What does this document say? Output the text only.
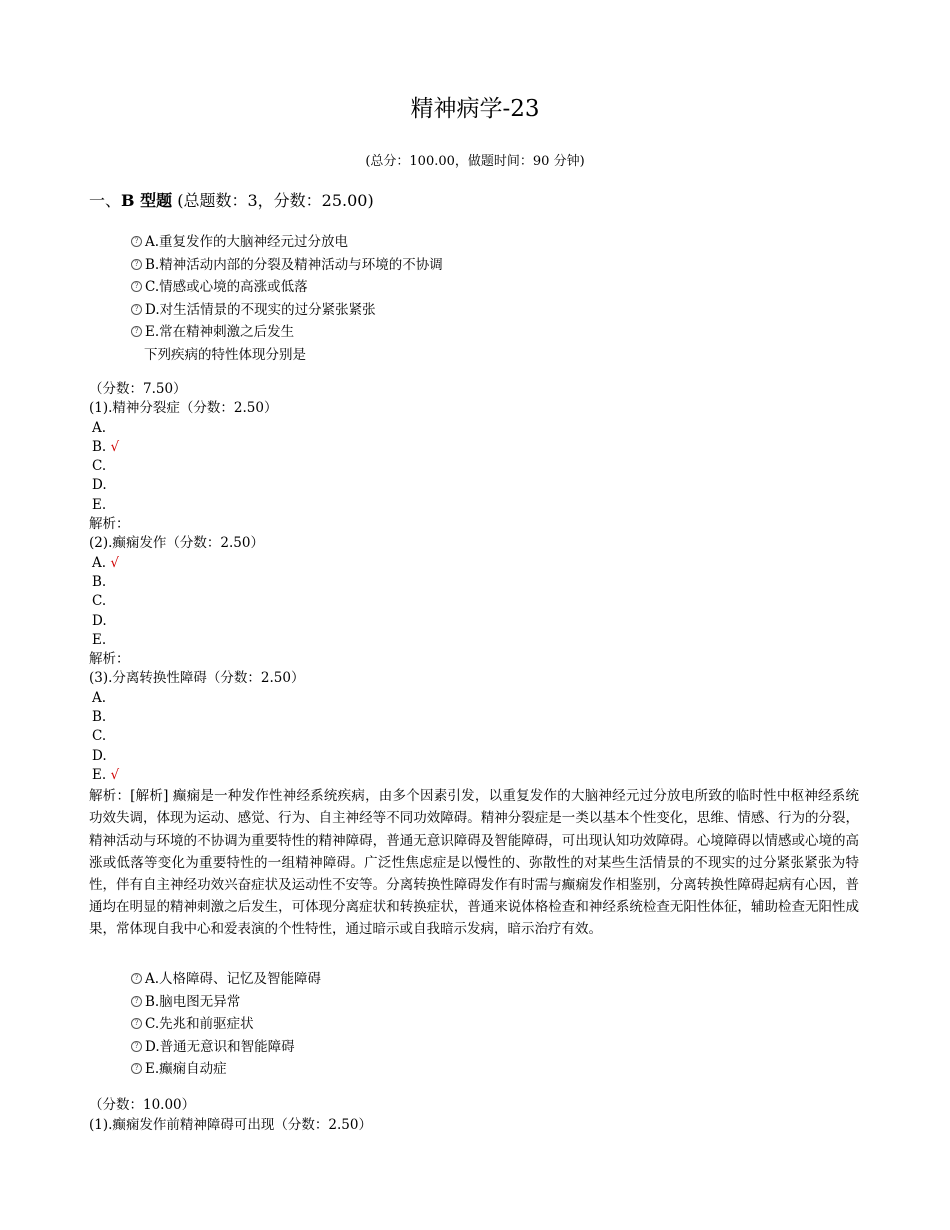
精神病学-23
(总分：100.00，做题时间：90 分钟)
一、B 型题 (总题数：3，分数：25.00)
? A.重复发作的大脑神经元过分放电
? B.精神活动内部的分裂及精神活动与环境的不协调
? C.情感或心境的高涨或低落
? D.对生活情景的不现实的过分紧张紧张
? E.常在精神刺激之后发生
下列疾病的特性体现分别是
（分数：7.50）
(1).精神分裂症（分数：2.50）
A.
B. √
C.
D.
E.
解析：
(2).癫痫发作（分数：2.50）
A. √
B.
C.
D.
E.
解析：
(3).分离转换性障碍（分数：2.50）
A.
B.
C.
D.
E. √
解析：[解析] 癫痫是一种发作性神经系统疾病，由多个因素引发，以重复发作的大脑神经元过分放电所致的临时性中枢神经系统功效失调，体现为运动、感觉、行为、自主神经等不同功效障碍。精神分裂症是一类以基本个性变化，思维、情感、行为的分裂，精神活动与环境的不协调为重要特性的精神障碍，普通无意识障碍及智能障碍，可出现认知功效障碍。心境障碍以情感或心境的高涨或低落等变化为重要特性的一组精神障碍。广泛性焦虑症是以慢性的、弥散性的对某些生活情景的不现实的过分紧张紧张为特性，伴有自主神经功效兴奋症状及运动性不安等。分离转换性障碍发作有时需与癫痫发作相鉴别，分离转换性障碍起病有心因，普通均在明显的精神刺激之后发生，可体现分离症状和转换症状，普通来说体格检查和神经系统检查无阳性体征，辅助检查无阳性成果，常体现自我中心和爱表演的个性特性，通过暗示或自我暗示发病，暗示治疗有效。
? A.人格障碍、记忆及智能障碍
? B.脑电图无异常
? C.先兆和前驱症状
? D.普通无意识和智能障碍
? E.癫痫自动症
（分数：10.00）
(1).癫痫发作前精神障碍可出现（分数：2.50）
